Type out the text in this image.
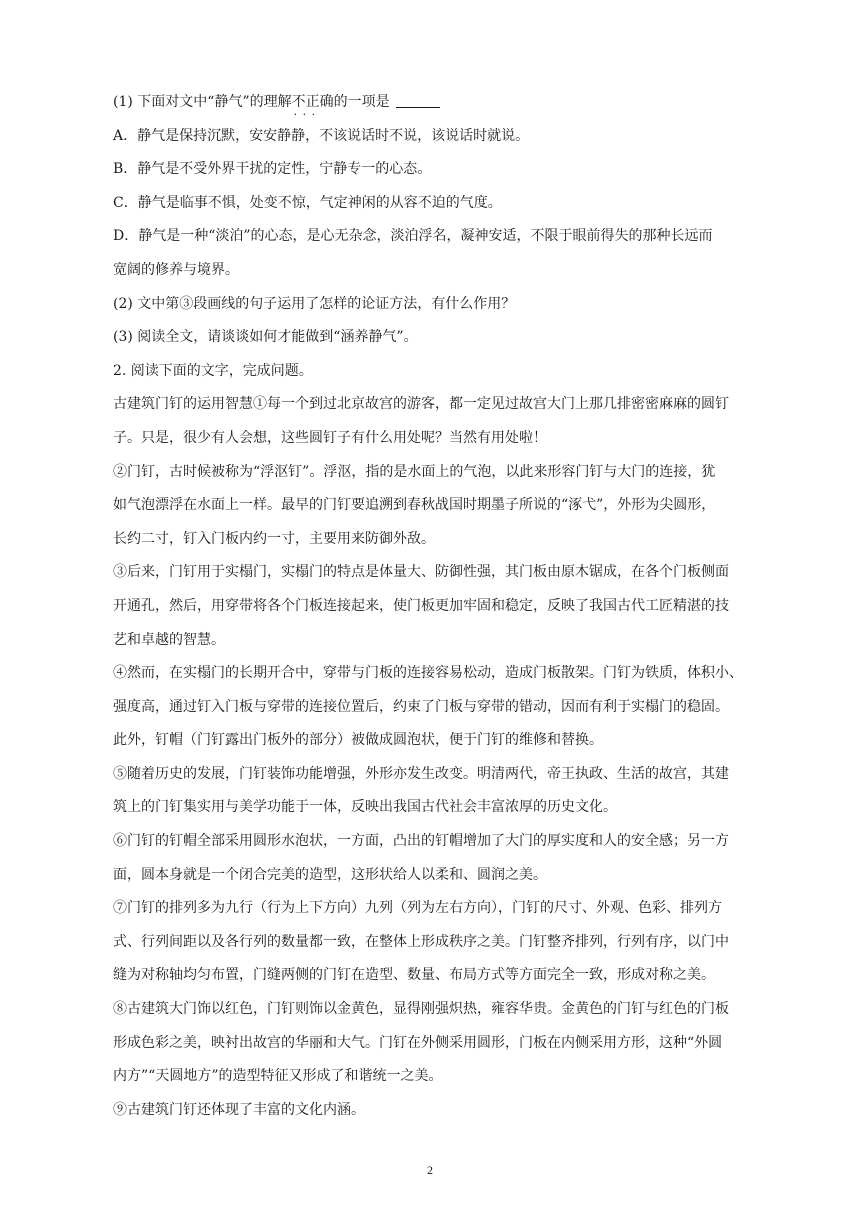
(1) 下面对文中“静气”的理解不正确 · · ·的一项是
A．静气是保持沉默，安安静静，不该说话时不说，该说话时就说。
B．静气是不受外界干扰的定性，宁静专一的心态。
C．静气是临事不惧，处变不惊，气定神闲的从容不迫的气度。
D．静气是一种“淡泊”的心态，是心无杂念，淡泊浮名，凝神安适，不限于眼前得失的那种长远而
宽阔的修养与境界。
(2) 文中第③段画线的句子运用了怎样的论证方法，有什么作用？
(3) 阅读全文，请谈谈如何才能做到“涵养静气”。
2. 阅读下面的文字，完成问题。
古建筑门钉的运用智慧①每一个到过北京故宫的游客，都一定见过故宫大门上那几排密密麻麻的圆钉
子。只是，很少有人会想，这些圆钉子有什么用处呢？当然有用处啦！
②门钉，古时候被称为“浮沤钉”。浮沤，指的是水面上的气泡，以此来形容门钉与大门的连接，犹
如气泡漂浮在水面上一样。最早的门钉要追溯到春秋战国时期墨子所说的“涿弋”，外形为尖圆形，
长约二寸，钉入门板内约一寸，主要用来防御外敌。
③后来，门钉用于实榻门，实榻门的特点是体量大、防御性强，其门板由原木锯成，在各个门板侧面
开通孔，然后，用穿带将各个门板连接起来，使门板更加牢固和稳定，反映了我国古代工匠精湛的技
艺和卓越的智慧。
④然而，在实榻门的长期开合中，穿带与门板的连接容易松动，造成门板散架。门钉为铁质，体积小、
强度高，通过钉入门板与穿带的连接位置后，约束了门板与穿带的错动，因而有利于实榻门的稳固。
此外，钉帽（门钉露出门板外的部分）被做成圆泡状，便于门钉的维修和替换。
⑤随着历史的发展，门钉装饰功能增强，外形亦发生改变。明清两代，帝王执政、生活的故宫，其建
筑上的门钉集实用与美学功能于一体，反映出我国古代社会丰富浓厚的历史文化。
⑥门钉的钉帽全部采用圆形水泡状，一方面，凸出的钉帽增加了大门的厚实度和人的安全感；另一方
面，圆本身就是一个闭合完美的造型，这形状给人以柔和、圆润之美。
⑦门钉的排列多为九行（行为上下方向）九列（列为左右方向），门钉的尺寸、外观、色彩、排列方
式、行列间距以及各行列的数量都一致，在整体上形成秩序之美。门钉整齐排列，行列有序，以门中
缝为对称轴均匀布置，门缝两侧的门钉在造型、数量、布局方式等方面完全一致，形成对称之美。
⑧古建筑大门饰以红色，门钉则饰以金黄色，显得刚强炽热，雍容华贵。金黄色的门钉与红色的门板
形成色彩之美，映衬出故宫的华丽和大气。门钉在外侧采用圆形，门板在内侧采用方形，这种“外圆
内方”“天圆地方”的造型特征又形成了和谐统一之美。
⑨古建筑门钉还体现了丰富的文化内涵。
2
